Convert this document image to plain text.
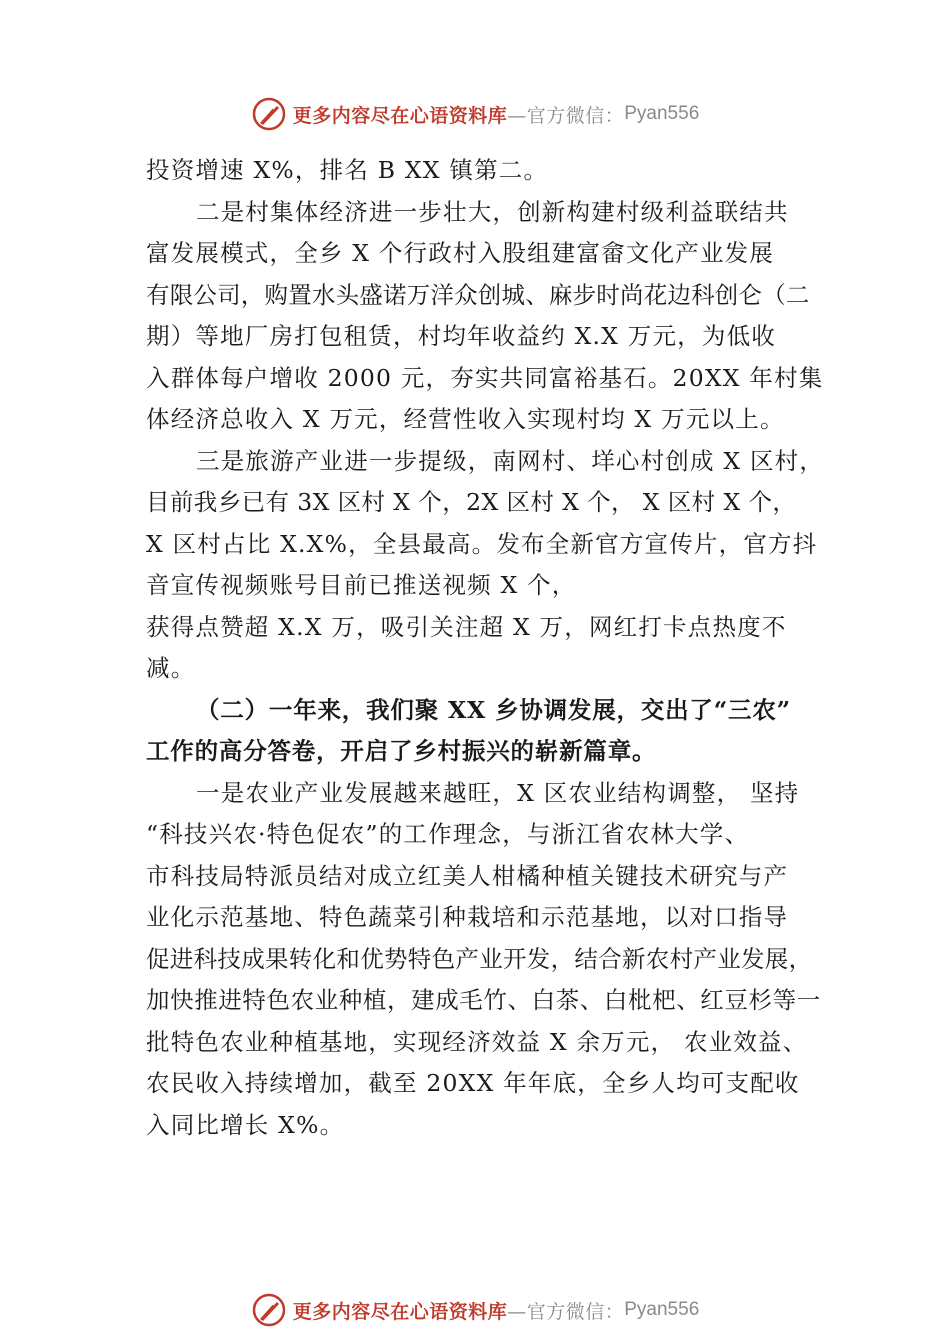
更多内容尽在心语资料库 —官方微信： Pyan556
投资增速 X%，排名 B XX 镇第二。
二是村集体经济进一步壮大，创新构建村级利益联结共
富发展模式，全乡 X 个行政村入股组建富畲文化产业发展
有限公司，购置水头盛诺万洋众创城、麻步时尚花边科创仑（二
期）等地厂房打包租赁，村均年收益约 X.X 万元，为低收
入群体每户增收 2000 元，夯实共同富裕基石。20XX 年村集
体经济总收入 X 万元，经营性收入实现村均 X 万元以上。
三是旅游产业进一步提级，南网村、垟心村创成 X 区村，
目前我乡已有 3X 区村 X 个，2X 区村 X 个， X 区村 X 个，
X 区村占比 X.X%，全县最高。发布全新官方宣传片，官方抖
音宣传视频账号目前已推送视频 X 个，
获得点赞超 X.X 万，吸引关注超 X 万，网红打卡点热度不
减。
（二）一年来，我们聚 XX 乡协调发展，交出了“三农”
工作的高分答卷，开启了乡村振兴的崭新篇章。
一是农业产业发展越来越旺，X 区农业结构调整， 坚持
“科技兴农·特色促农”的工作理念，与浙江省农林大学、
市科技局特派员结对成立红美人柑橘种植关键技术研究与产
业化示范基地、特色蔬菜引种栽培和示范基地，以对口指导
促进科技成果转化和优势特色产业开发，结合新农村产业发展，
加快推进特色农业种植，建成毛竹、白茶、白枇杷、红豆杉等一
批特色农业种植基地，实现经济效益 X 余万元， 农业效益、
农民收入持续增加，截至 20XX 年年底，全乡人均可支配收
入同比增长 X%。
更多内容尽在心语资料库 —官方微信： Pyan556
